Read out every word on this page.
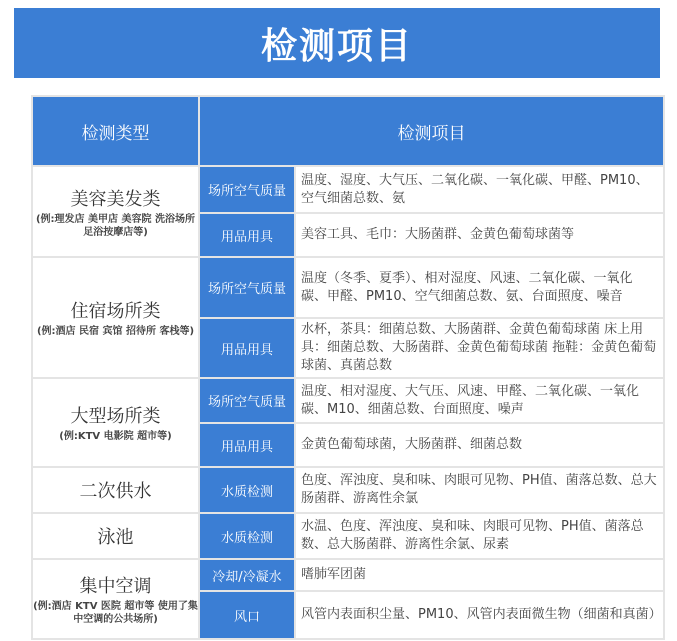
检测项目
检测类型	检测项目	

美容美发类
(例:理发店 美甲店 美容院 洗浴场所 足浴按摩店等)	场所空气质量	温度、湿度、大气压、二氧化碳、一氧化碳、甲醛、PM10、空气细菌总数、氨
	用品用具	美容工具、毛巾：大肠菌群、金黄色葡萄球菌等

住宿场所类
(例:酒店 民宿 宾馆 招待所 客栈等)	场所空气质量	温度（冬季、夏季）、相对湿度、风速、二氧化碳、一氧化碳、甲醛、PM10、空气细菌总数、氨、台面照度、噪音
	用品用具	水杯，茶具：细菌总数、大肠菌群、金黄色葡萄球菌 床上用具：细菌总数、大肠菌群、金黄色葡萄球菌 拖鞋：金黄色葡萄球菌、真菌总数

大型场所类
(例:KTV 电影院 超市等)	场所空气质量	温度、相对湿度、大气压、风速、甲醛、二氧化碳、一氧化碳、M10、细菌总数、台面照度、噪声
	用品用具	金黄色葡萄球菌，大肠菌群、细菌总数

二次供水	水质检测	色度、浑浊度、臭和味、肉眼可见物、PH值、菌落总数、总大肠菌群、游离性余氯

泳池	水质检测	水温、色度、浑浊度、臭和味、肉眼可见物、PH值、菌落总数、总大肠菌群、游离性余氯、尿素

集中空调
(例:酒店 KTV 医院 超市等 使用了集中空调的公共场所)	冷却/冷凝水	嗜肺军团菌
	风口	风管内表面积尘量、PM10、风管内表面微生物（细菌和真菌）
